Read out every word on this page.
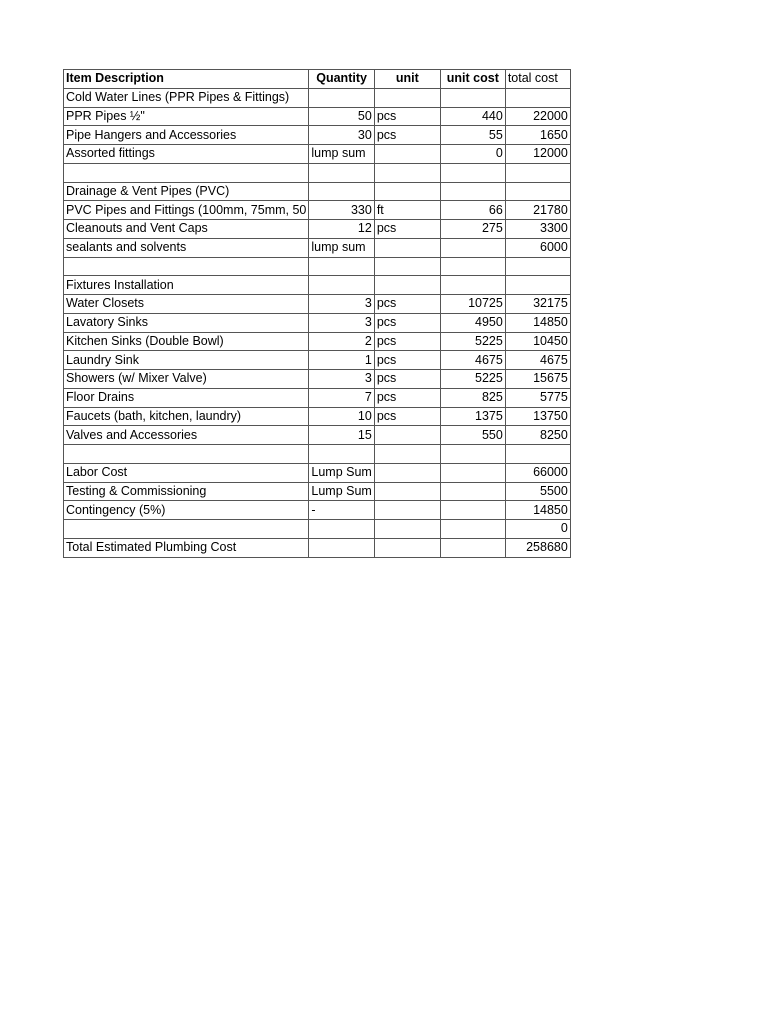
Item Description	Quantity	unit	unit cost	total cost
Cold Water Lines (PPR Pipes & Fittings)				
PPR Pipes ½"	50	pcs	440	22000
Pipe Hangers and Accessories	30	pcs	55	1650
Assorted fittings	lump sum		0	12000

Drainage & Vent Pipes (PVC)				
PVC Pipes and Fittings (100mm, 75mm, 50	330	ft	66	21780
Cleanouts and Vent Caps	12	pcs	275	3300
sealants and solvents	lump sum			6000

Fixtures Installation				
Water Closets	3	pcs	10725	32175
Lavatory Sinks	3	pcs	4950	14850
Kitchen Sinks (Double Bowl)	2	pcs	5225	10450
Laundry Sink	1	pcs	4675	4675
Showers (w/ Mixer Valve)	3	pcs	5225	15675
Floor Drains	7	pcs	825	5775
Faucets (bath, kitchen, laundry)	10	pcs	1375	13750
Valves and Accessories	15		550	8250

Labor Cost	Lump Sum			66000
Testing & Commissioning	Lump Sum			5500
Contingency (5%)	-			14850
				0
Total Estimated Plumbing Cost				258680
